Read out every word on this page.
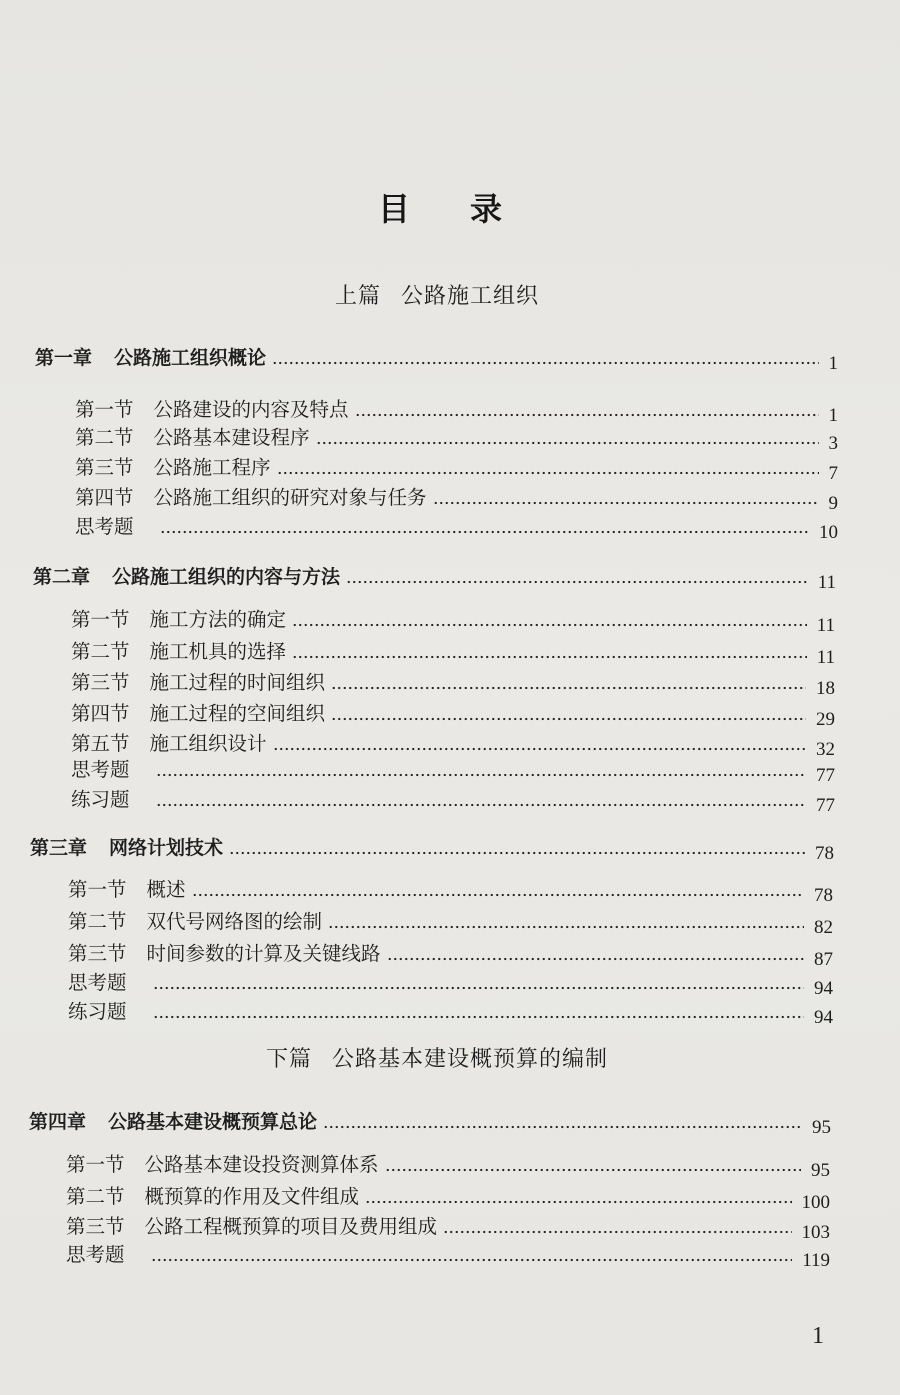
目录
上篇 公路施工组织
第一章 公路施工组织概论	1
第一节 公路建设的内容及特点	1
第二节 公路基本建设程序	3
第三节 公路施工程序	7
第四节 公路施工组织的研究对象与任务	9
思考题	10
第二章 公路施工组织的内容与方法	11
第一节 施工方法的确定	11
第二节 施工机具的选择	11
第三节 施工过程的时间组织	18
第四节 施工过程的空间组织	29
第五节 施工组织设计	32
思考题	77
练习题	77
第三章 网络计划技术	78
第一节 概述	78
第二节 双代号网络图的绘制	82
第三节 时间参数的计算及关键线路	87
思考题	94
练习题	94
下篇 公路基本建设概预算的编制
第四章 公路基本建设概预算总论	95
第一节 公路基本建设投资测算体系	95
第二节 概预算的作用及文件组成	100
第三节 公路工程概预算的项目及费用组成	103
思考题	119
1
